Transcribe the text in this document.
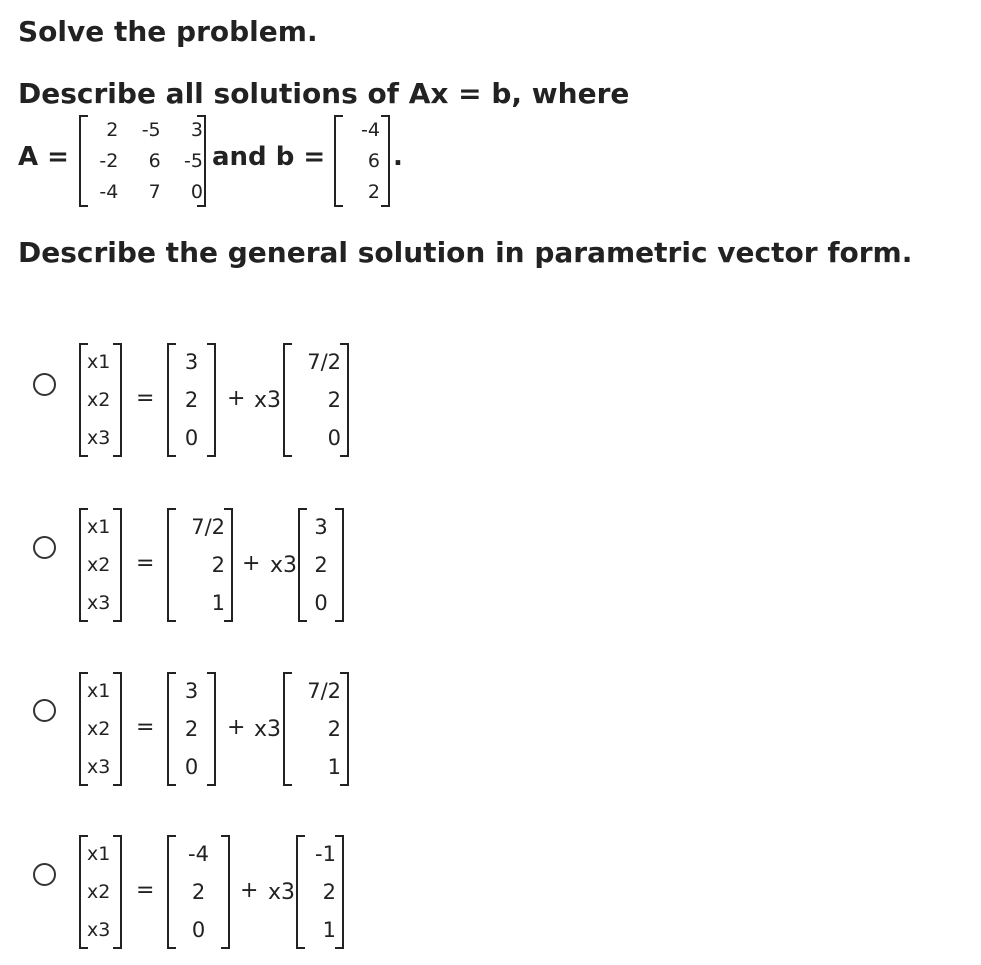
Solve the problem.
Describe all solutions of Ax = b, where
A =
2	-5	3
-2	6	-5
-4	7	0
and b =
-4
6
2
.
Describe the general solution in parametric vector form.
x1
x2
x3
=
3
2
0
+ x3
7/2
2
0
x1
x2
x3
=
7/2
2
1
+ x3
3
2
0
x1
x2
x3
=
3
2
0
+ x3
7/2
2
1
x1
x2
x3
=
-4
2
0
+ x3
-1
2
1
